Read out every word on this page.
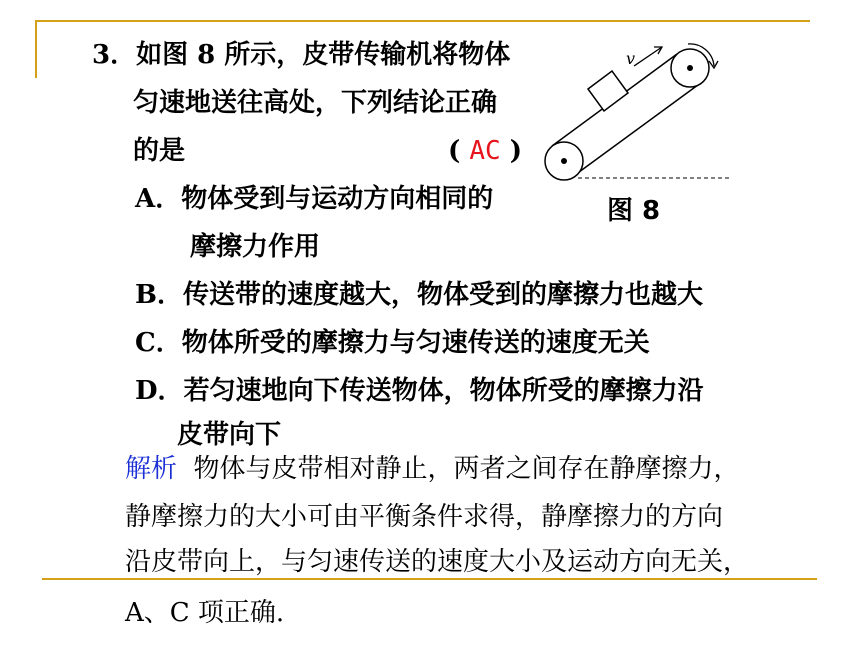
3．如图 8 所示，皮带传输机将物体
匀速地送往高处，下列结论正确
的是	( AC )
A．物体受到与运动方向相同的
摩擦力作用
B．传送带的速度越大，物体受到的摩擦力也越大
C．物体所受的摩擦力与匀速传送的速度无关
D．若匀速地向下传送物体，物体所受的摩擦力沿
皮带向下
解析 物体与皮带相对静止，两者之间存在静摩擦力，
静摩擦力的大小可由平衡条件求得，静摩擦力的方向
沿皮带向上，与匀速传送的速度大小及运动方向无关，
A、C 项正确.
v
图 8
